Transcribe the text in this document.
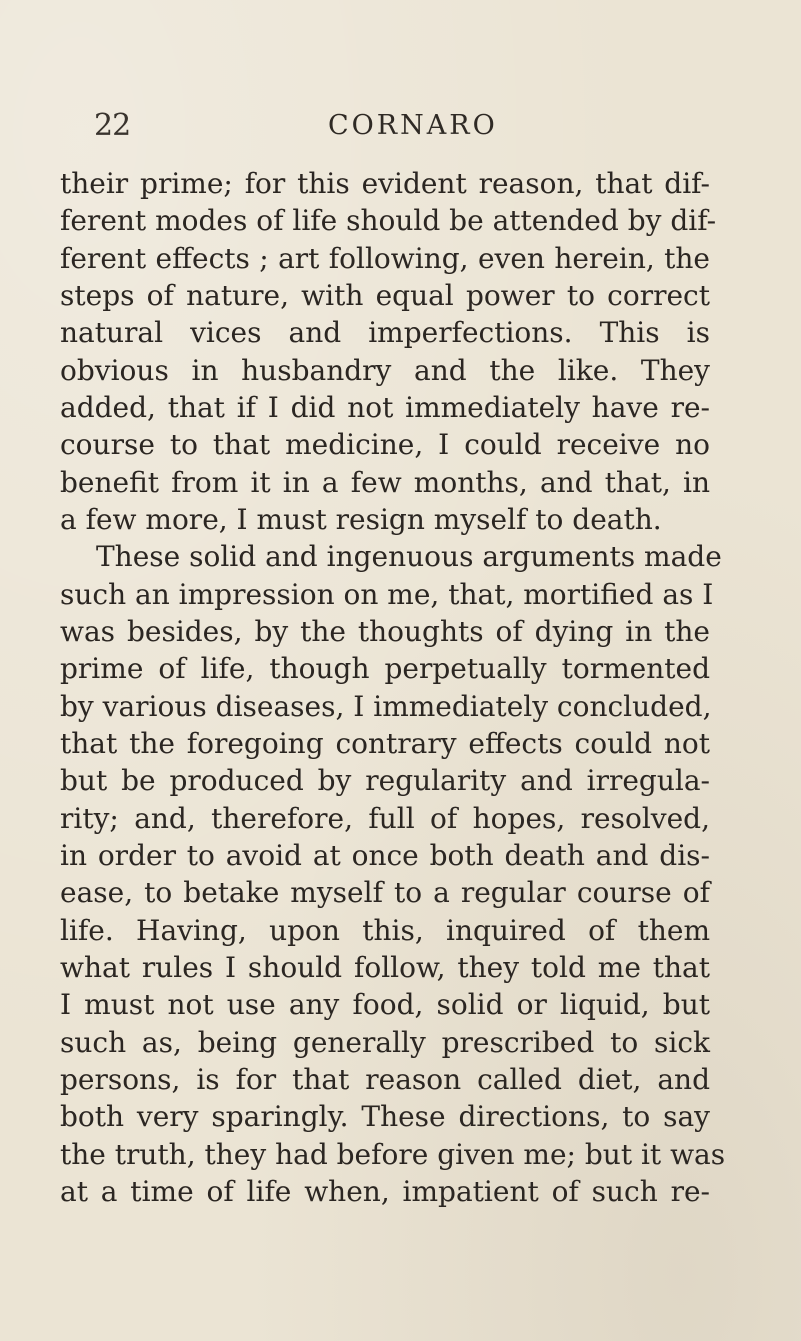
22	CORNARO
their prime; for this evident reason, that dif-
ferent modes of life should be attended by dif-
ferent effects ; art following, even herein, the
steps of nature, with equal power to correct
natural vices and imperfections. This is
obvious in husbandry and the like. They
added, that if I did not immediately have re-
course to that medicine, I could receive no
benefit from it in a few months, and that, in
a few more, I must resign myself to death.
These solid and ingenuous arguments made
such an impression on me, that, mortified as I
was besides, by the thoughts of dying in the
prime of life, though perpetually tormented
by various diseases, I immediately concluded,
that the foregoing contrary effects could not
but be produced by regularity and irregula-
rity; and, therefore, full of hopes, resolved,
in order to avoid at once both death and dis-
ease, to betake myself to a regular course of
life. Having, upon this, inquired of them
what rules I should follow, they told me that
I must not use any food, solid or liquid, but
such as, being generally prescribed to sick
persons, is for that reason called diet, and
both very sparingly. These directions, to say
the truth, they had before given me; but it was
at a time of life when, impatient of such re-
